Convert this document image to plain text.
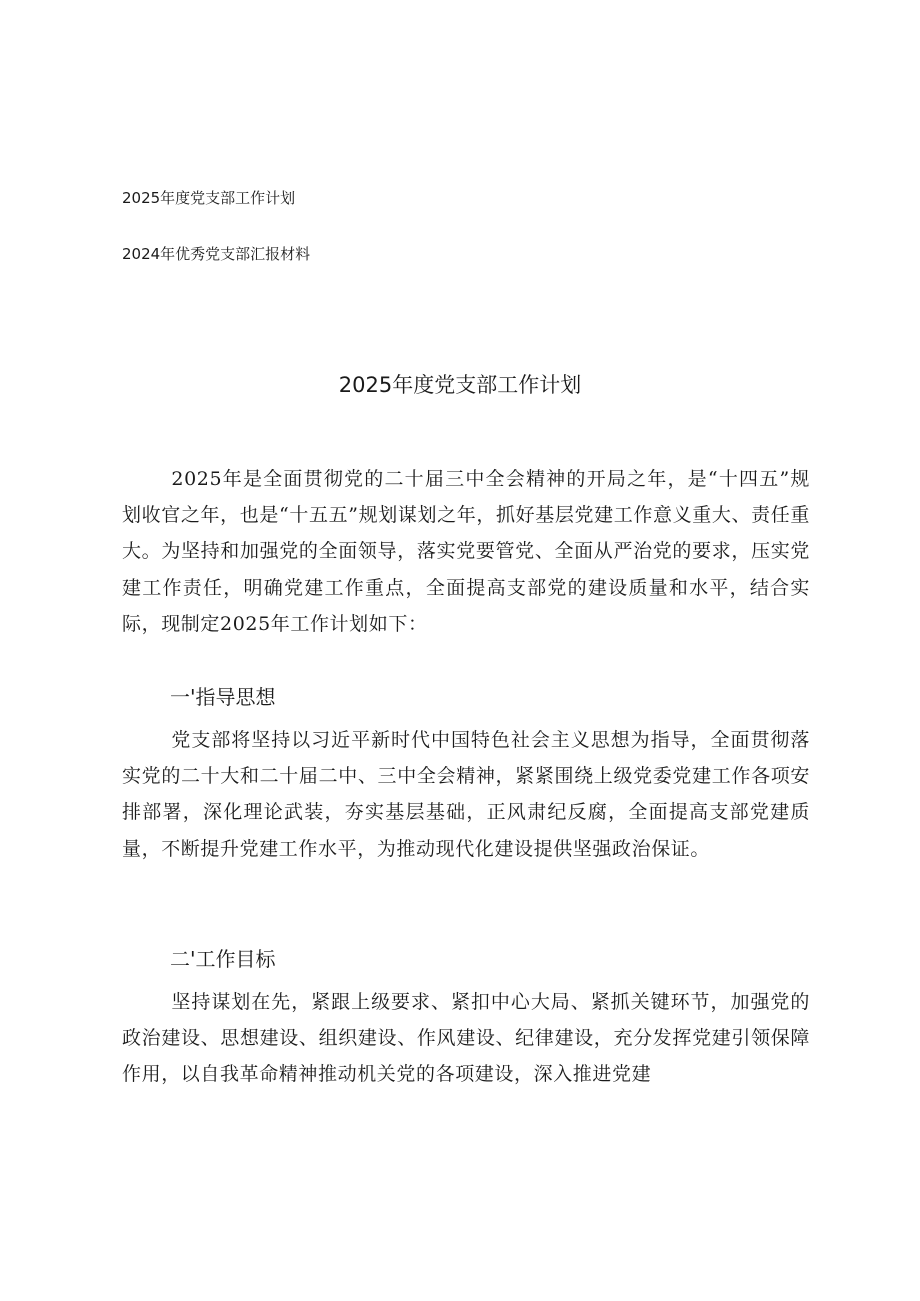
2025年度党支部工作计划
2024年优秀党支部汇报材料
2025年度党支部工作计划

2025年是全面贯彻党的二十届三中全会精神的开局之年，是“十四五”规划收官之年，也是“十五五”规划谋划之年，抓好基层党建工作意义重大、责任重大。为坚持和加强党的全面领导，落实党要管党、全面从严治党的要求，压实党建工作责任，明确党建工作重点，全面提高支部党的建设质量和水平，结合实际，现制定2025年工作计划如下：

一'指导思想

党支部将坚持以习近平新时代中国特色社会主义思想为指导，全面贯彻落实党的二十大和二十届二中、三中全会精神，紧紧围绕上级党委党建工作各项安排部署，深化理论武装，夯实基层基础，正风肃纪反腐，全面提高支部党建质量，不断提升党建工作水平，为推动现代化建设提供坚强政治保证。

二'工作目标

坚持谋划在先，紧跟上级要求、紧扣中心大局、紧抓关键环节，加强党的政治建设、思想建设、组织建设、作风建设、纪律建设，充分发挥党建引领保障作用，以自我革命精神推动机关党的各项建设，深入推进党建
